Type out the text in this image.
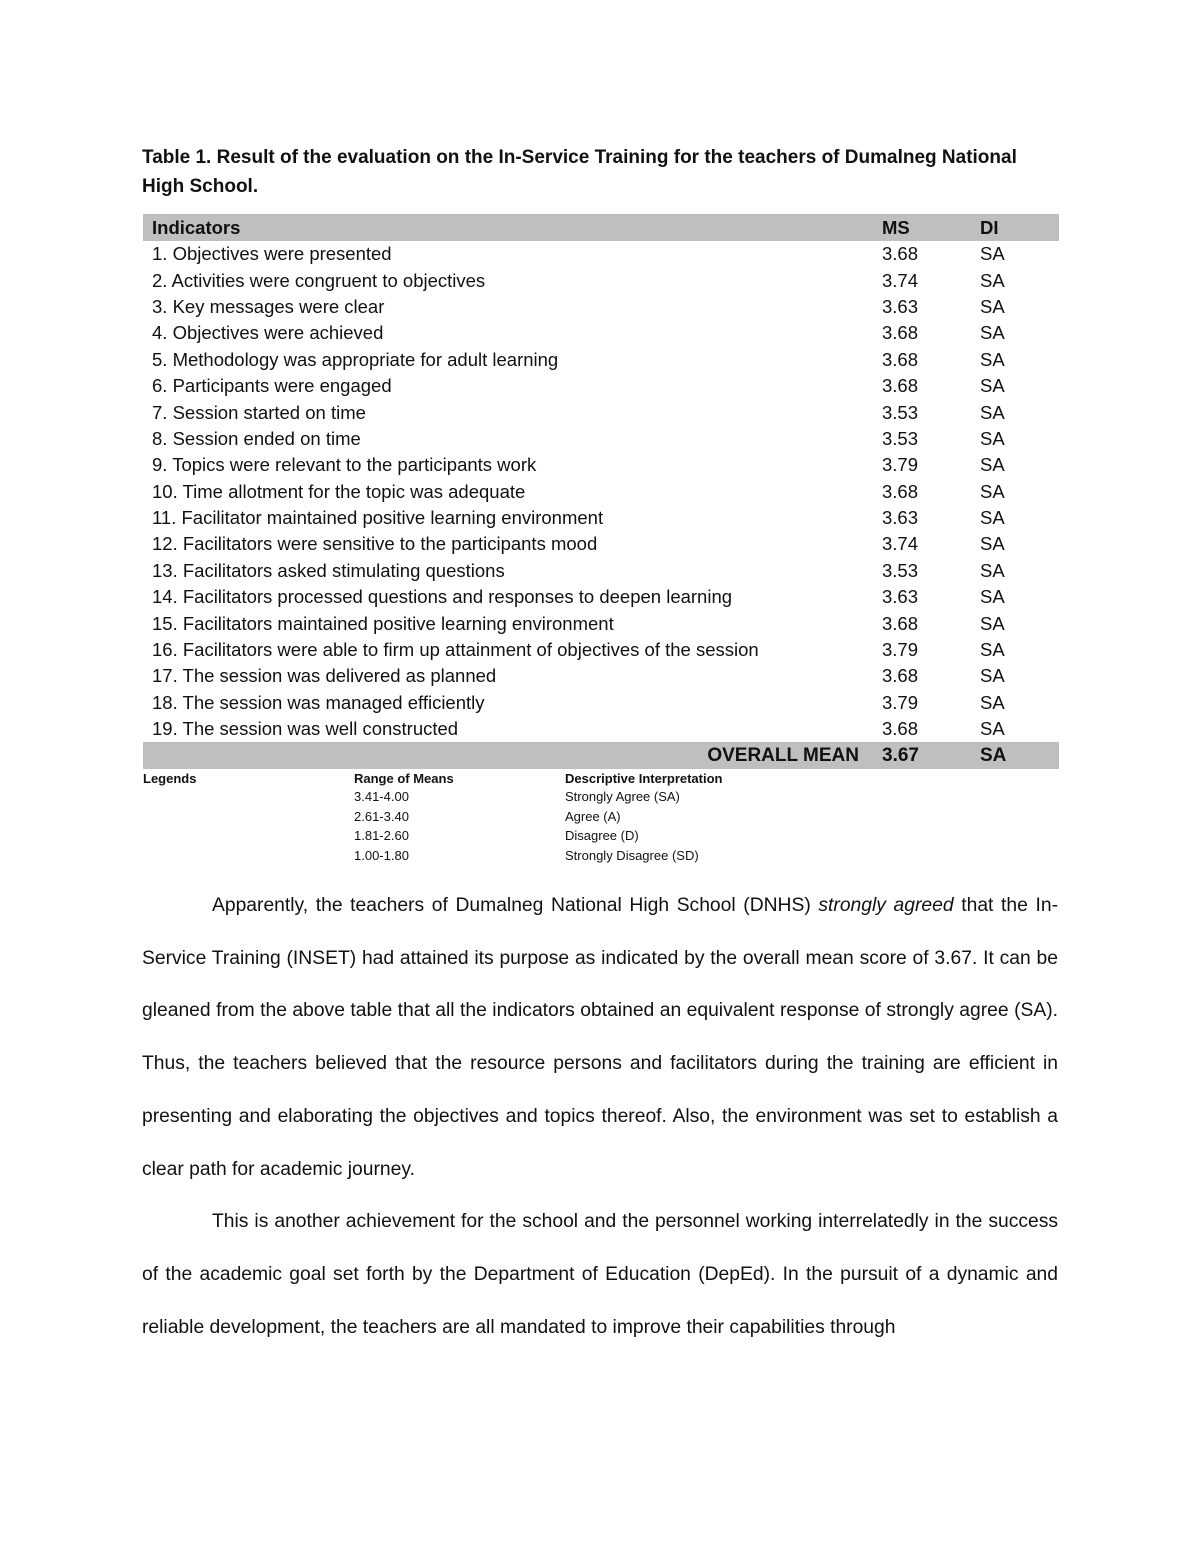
Table 1. Result of the evaluation on the In-Service Training for the teachers of Dumalneg National High School.

Indicators	MS	DI
1. Objectives were presented	3.68	SA
2. Activities were congruent to objectives	3.74	SA
3. Key messages were clear	3.63	SA
4. Objectives were achieved	3.68	SA
5. Methodology was appropriate for adult learning	3.68	SA
6. Participants were engaged	3.68	SA
7. Session started on time	3.53	SA
8. Session ended on time	3.53	SA
9. Topics were relevant to the participants work	3.79	SA
10. Time allotment for the topic was adequate	3.68	SA
11. Facilitator maintained positive learning environment	3.63	SA
12. Facilitators were sensitive to the participants mood	3.74	SA
13. Facilitators asked stimulating questions	3.53	SA
14. Facilitators processed questions and responses to deepen learning	3.63	SA
15. Facilitators maintained positive learning environment	3.68	SA
16. Facilitators were able to firm up attainment of objectives of the session	3.79	SA
17. The session was delivered as planned	3.68	SA
18. The session was managed efficiently	3.79	SA
19. The session was well constructed	3.68	SA
OVERALL MEAN	3.67	SA
Legends	Range of Means	Descriptive Interpretation
	3.41-4.00	Strongly Agree (SA)
	2.61-3.40	Agree (A)
	1.81-2.60	Disagree (D)
	1.00-1.80	Strongly Disagree (SD)

Apparently, the teachers of Dumalneg National High School (DNHS) strongly agreed that the In-Service Training (INSET) had attained its purpose as indicated by the overall mean score of 3.67. It can be gleaned from the above table that all the indicators obtained an equivalent response of strongly agree (SA). Thus, the teachers believed that the resource persons and facilitators during the training are efficient in presenting and elaborating the objectives and topics thereof. Also, the environment was set to establish a clear path for academic journey.

This is another achievement for the school and the personnel working interrelatedly in the success of the academic goal set forth by the Department of Education (DepEd). In the pursuit of a dynamic and reliable development, the teachers are all mandated to improve their capabilities through
